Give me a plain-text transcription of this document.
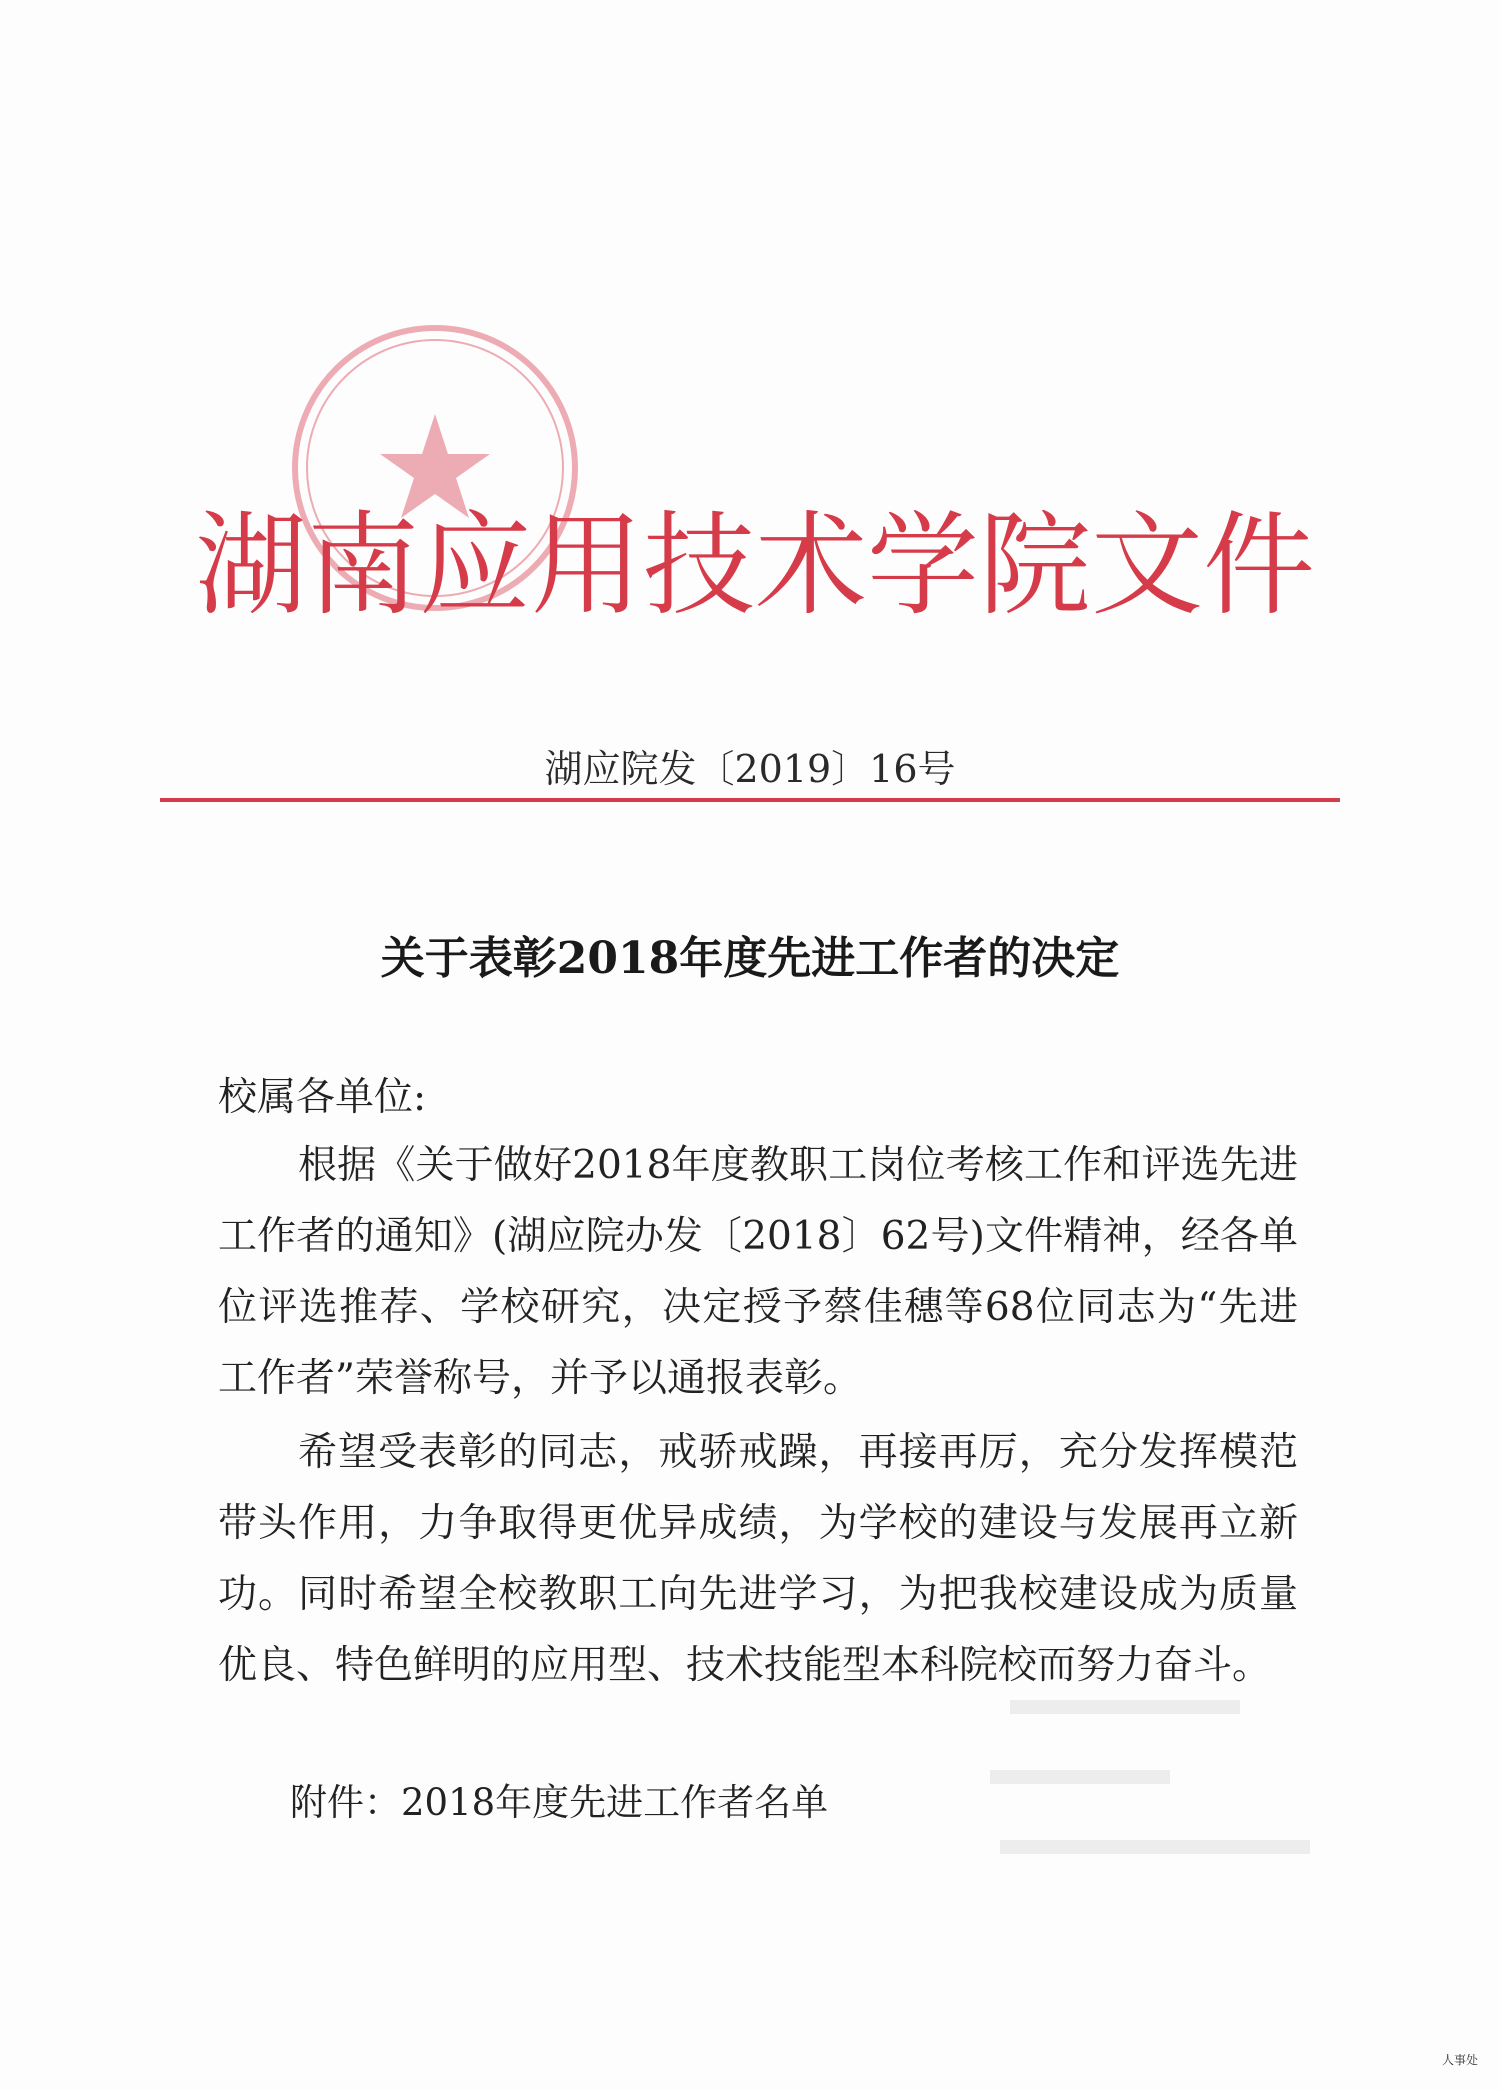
湖南应用技术学院文件
湖应院发〔2019〕16号
关于表彰2018年度先进工作者的决定
校属各单位:

根据《关于做好2018年度教职工岗位考核工作和评选先进工作者的通知》(湖应院办发〔2018〕62号)文件精神，经各单位评选推荐、学校研究，决定授予蔡佳穗等68位同志为“先进工作者”荣誉称号，并予以通报表彰。

希望受表彰的同志，戒骄戒躁，再接再厉，充分发挥模范带头作用，力争取得更优异成绩，为学校的建设与发展再立新功。同时希望全校教职工向先进学习，为把我校建设成为质量优良、特色鲜明的应用型、技术技能型本科院校而努力奋斗。

附件：2018年度先进工作者名单
人事处
